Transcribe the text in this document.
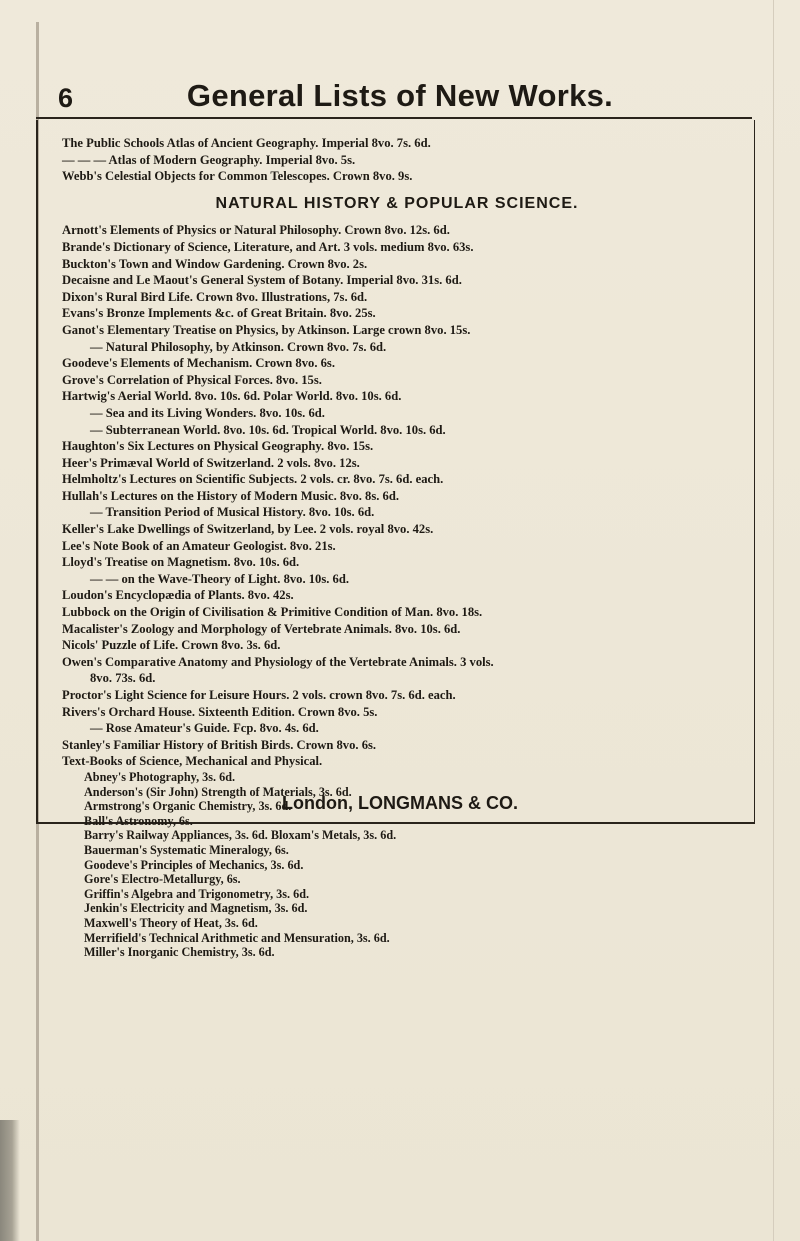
6	General Lists of New Works.
The Public Schools Atlas of Ancient Geography. Imperial 8vo. 7s. 6d.
— — — Atlas of Modern Geography. Imperial 8vo. 5s.
Webb's Celestial Objects for Common Telescopes. Crown 8vo. 9s.
NATURAL HISTORY & POPULAR SCIENCE.
Arnott's Elements of Physics or Natural Philosophy. Crown 8vo. 12s. 6d.
Brande's Dictionary of Science, Literature, and Art. 3 vols. medium 8vo. 63s.
Buckton's Town and Window Gardening. Crown 8vo. 2s.
Decaisne and Le Maout's General System of Botany. Imperial 8vo. 31s. 6d.
Dixon's Rural Bird Life. Crown 8vo. Illustrations, 7s. 6d.
Evans's Bronze Implements &c. of Great Britain. 8vo. 25s.
Ganot's Elementary Treatise on Physics, by Atkinson. Large crown 8vo. 15s.
— Natural Philosophy, by Atkinson. Crown 8vo. 7s. 6d.
Goodeve's Elements of Mechanism. Crown 8vo. 6s.
Grove's Correlation of Physical Forces. 8vo. 15s.
Hartwig's Aerial World. 8vo. 10s. 6d. Polar World. 8vo. 10s. 6d.
— Sea and its Living Wonders. 8vo. 10s. 6d.
— Subterranean World. 8vo. 10s. 6d. Tropical World. 8vo. 10s. 6d.
Haughton's Six Lectures on Physical Geography. 8vo. 15s.
Heer's Primæval World of Switzerland. 2 vols. 8vo. 12s.
Helmholtz's Lectures on Scientific Subjects. 2 vols. cr. 8vo. 7s. 6d. each.
Hullah's Lectures on the History of Modern Music. 8vo. 8s. 6d.
— Transition Period of Musical History. 8vo. 10s. 6d.
Keller's Lake Dwellings of Switzerland, by Lee. 2 vols. royal 8vo. 42s.
Lee's Note Book of an Amateur Geologist. 8vo. 21s.
Lloyd's Treatise on Magnetism. 8vo. 10s. 6d.
— — on the Wave-Theory of Light. 8vo. 10s. 6d.
Loudon's Encyclopædia of Plants. 8vo. 42s.
Lubbock on the Origin of Civilisation & Primitive Condition of Man. 8vo. 18s.
Macalister's Zoology and Morphology of Vertebrate Animals. 8vo. 10s. 6d.
Nicols' Puzzle of Life. Crown 8vo. 3s. 6d.
Owen's Comparative Anatomy and Physiology of the Vertebrate Animals. 3 vols.
8vo. 73s. 6d.
Proctor's Light Science for Leisure Hours. 2 vols. crown 8vo. 7s. 6d. each.
Rivers's Orchard House. Sixteenth Edition. Crown 8vo. 5s.
— Rose Amateur's Guide. Fcp. 8vo. 4s. 6d.
Stanley's Familiar History of British Birds. Crown 8vo. 6s.
Text-Books of Science, Mechanical and Physical.
Abney's Photography, 3s. 6d.
Anderson's (Sir John) Strength of Materials, 3s. 6d.
Armstrong's Organic Chemistry, 3s. 6d.
Ball's Astronomy, 6s.
Barry's Railway Appliances, 3s. 6d. Bloxam's Metals, 3s. 6d.
Bauerman's Systematic Mineralogy, 6s.
Goodeve's Principles of Mechanics, 3s. 6d.
Gore's Electro-Metallurgy, 6s.
Griffin's Algebra and Trigonometry, 3s. 6d.
Jenkin's Electricity and Magnetism, 3s. 6d.
Maxwell's Theory of Heat, 3s. 6d.
Merrifield's Technical Arithmetic and Mensuration, 3s. 6d.
Miller's Inorganic Chemistry, 3s. 6d.
London, LONGMANS & CO.
